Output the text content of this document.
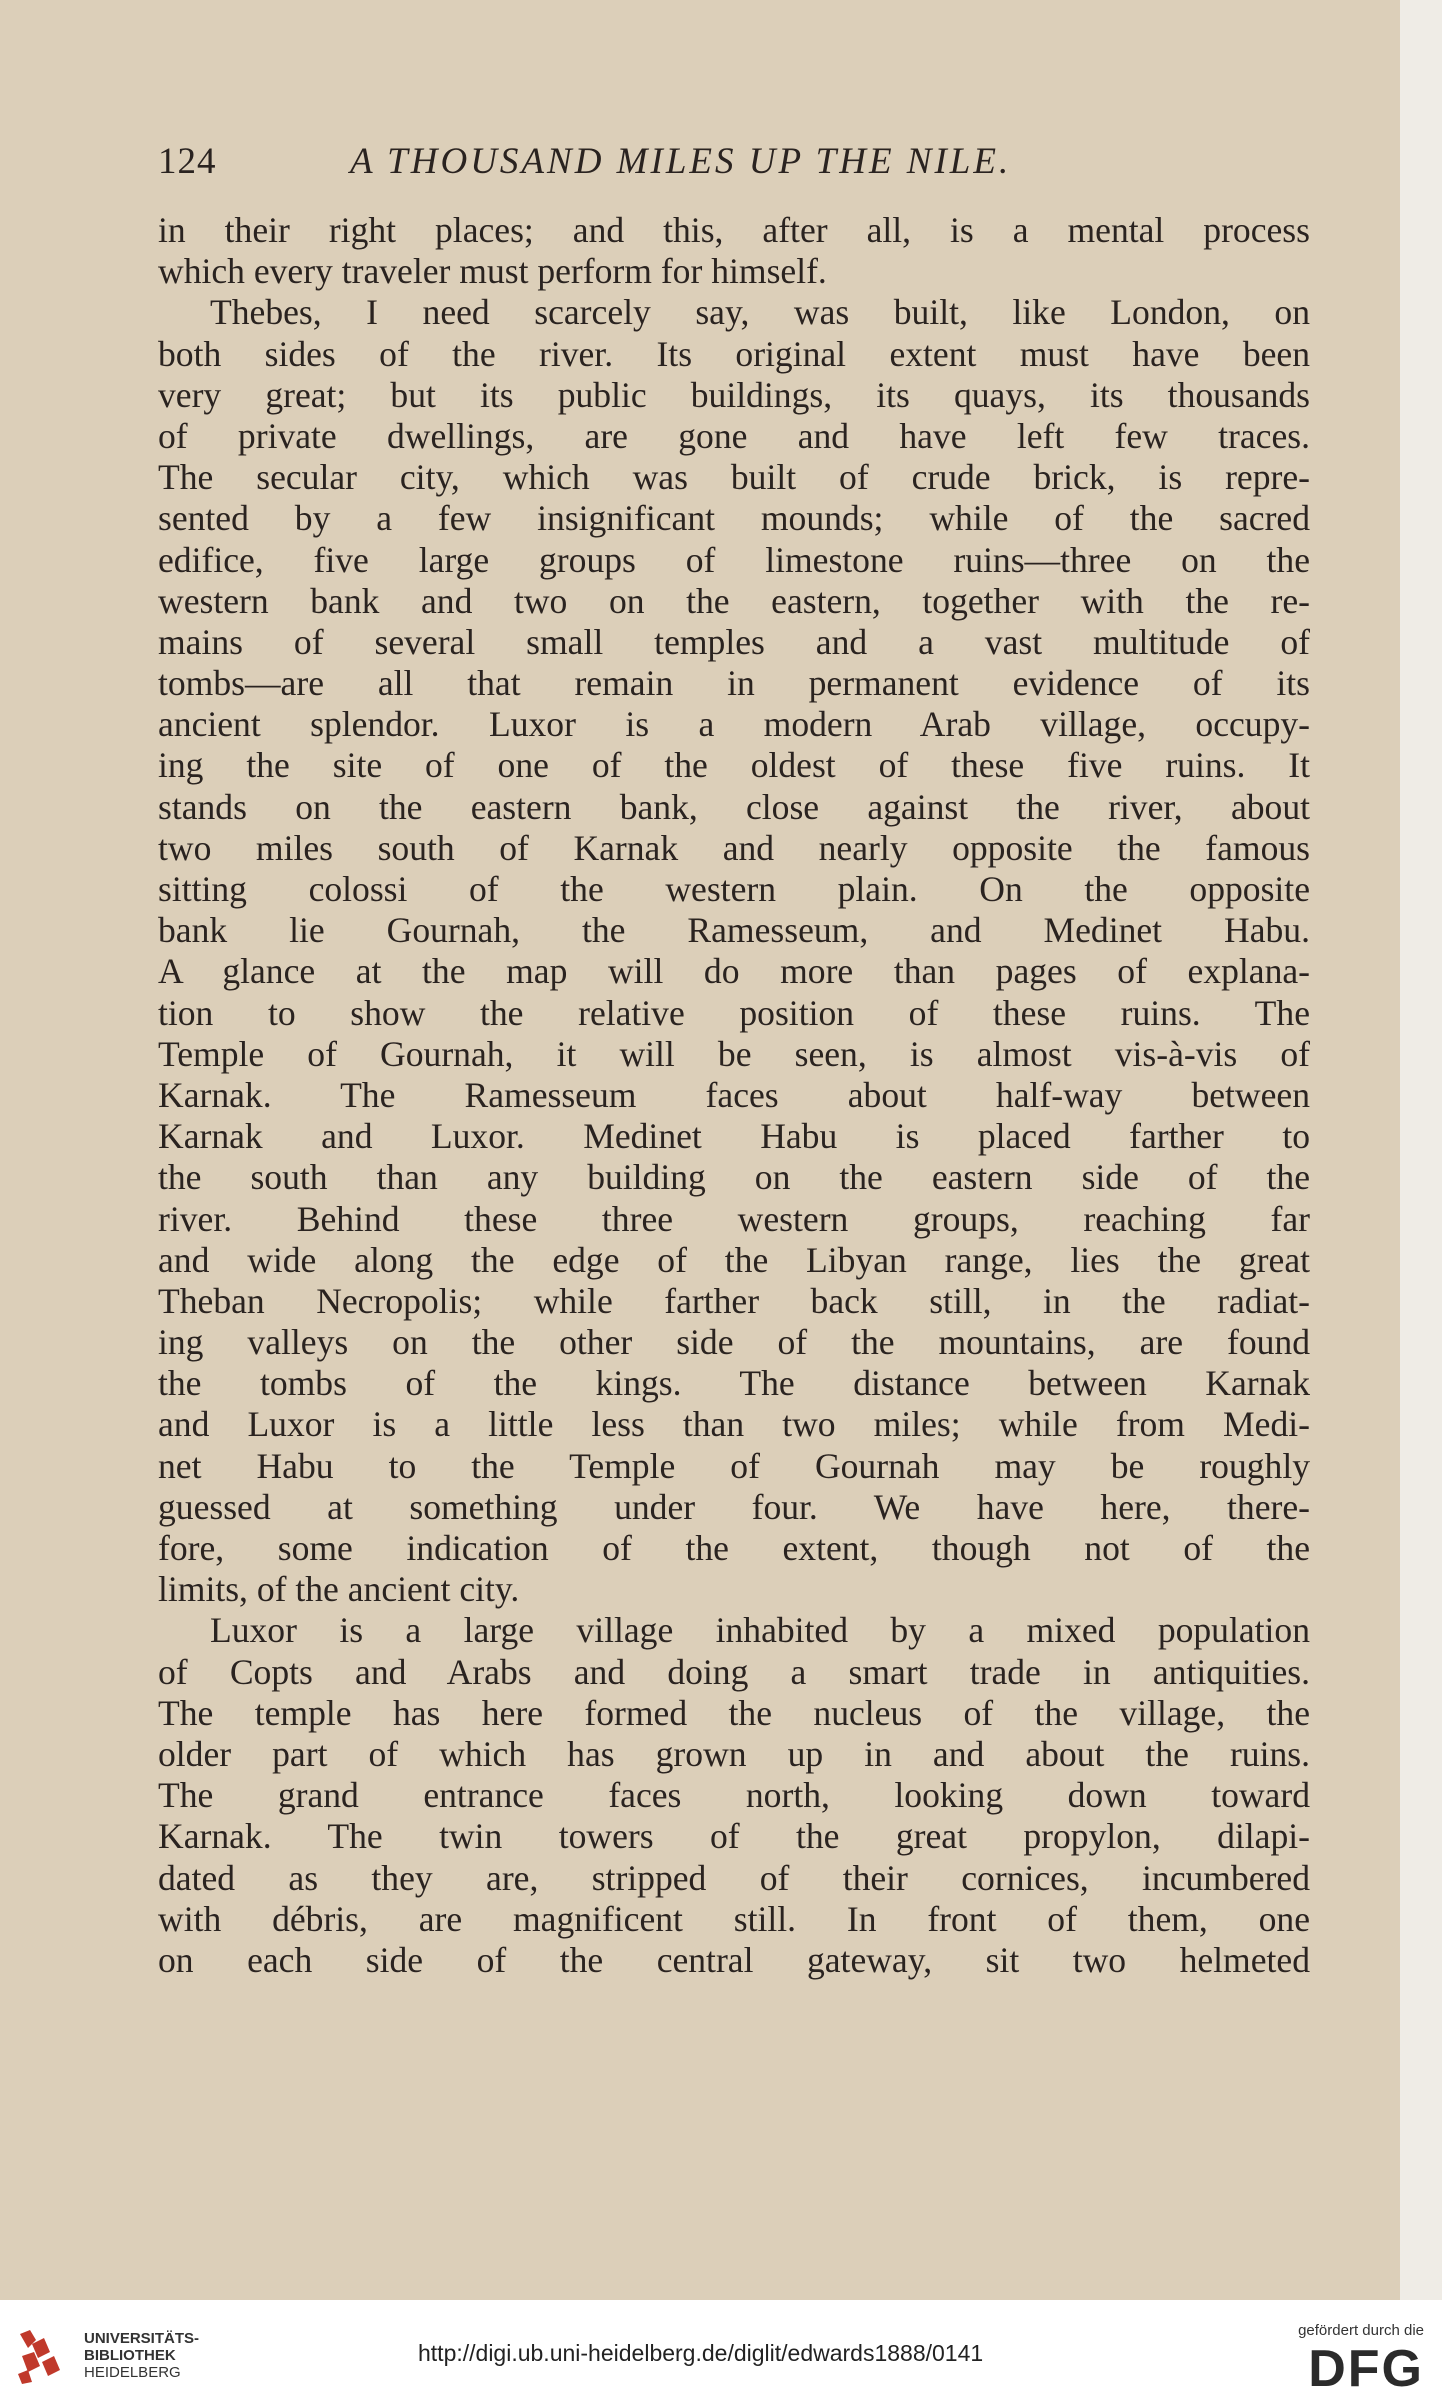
124	A THOUSAND MILES UP THE NILE.
in their right places; and this, after all, is a mental process
which every traveler must perform for himself.
Thebes, I need scarcely say, was built, like London, on
both sides of the river. Its original extent must have been
very great; but its public buildings, its quays, its thousands
of private dwellings, are gone and have left few traces.
The secular city, which was built of crude brick, is repre-
sented by a few insignificant mounds; while of the sacred
edifice, five large groups of limestone ruins—three on the
western bank and two on the eastern, together with the re-
mains of several small temples and a vast multitude of
tombs—are all that remain in permanent evidence of its
ancient splendor. Luxor is a modern Arab village, occupy-
ing the site of one of the oldest of these five ruins. It
stands on the eastern bank, close against the river, about
two miles south of Karnak and nearly opposite the famous
sitting colossi of the western plain. On the opposite
bank lie Gournah, the Ramesseum, and Medinet Habu.
A glance at the map will do more than pages of explana-
tion to show the relative position of these ruins. The
Temple of Gournah, it will be seen, is almost vis-à-vis of
Karnak. The Ramesseum faces about half-way between
Karnak and Luxor. Medinet Habu is placed farther to
the south than any building on the eastern side of the
river. Behind these three western groups, reaching far
and wide along the edge of the Libyan range, lies the great
Theban Necropolis; while farther back still, in the radiat-
ing valleys on the other side of the mountains, are found
the tombs of the kings. The distance between Karnak
and Luxor is a little less than two miles; while from Medi-
net Habu to the Temple of Gournah may be roughly
guessed at something under four. We have here, there-
fore, some indication of the extent, though not of the
limits, of the ancient city.
Luxor is a large village inhabited by a mixed population
of Copts and Arabs and doing a smart trade in antiquities.
The temple has here formed the nucleus of the village, the
older part of which has grown up in and about the ruins.
The grand entrance faces north, looking down toward
Karnak. The twin towers of the great propylon, dilapi-
dated as they are, stripped of their cornices, incumbered
with débris, are magnificent still. In front of them, one
on each side of the central gateway, sit two helmeted
UNIVERSITÄTS-
BIBLIOTHEK
HEIDELBERG
http://digi.ub.uni-heidelberg.de/diglit/edwards1888/0141
gefördert durch die
DFG
